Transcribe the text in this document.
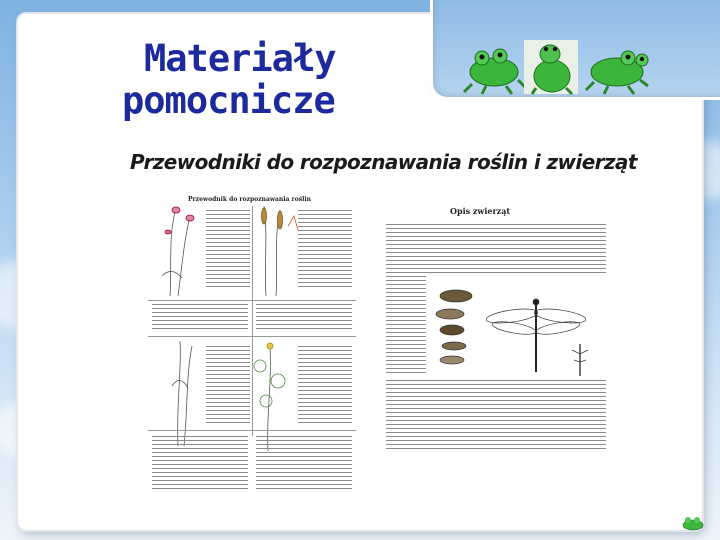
Materiały
pomocnicze
Przewodniki do rozpoznawania roślin i zwierząt
Przewodnik do rozpoznawania roślin
Opis zwierząt
